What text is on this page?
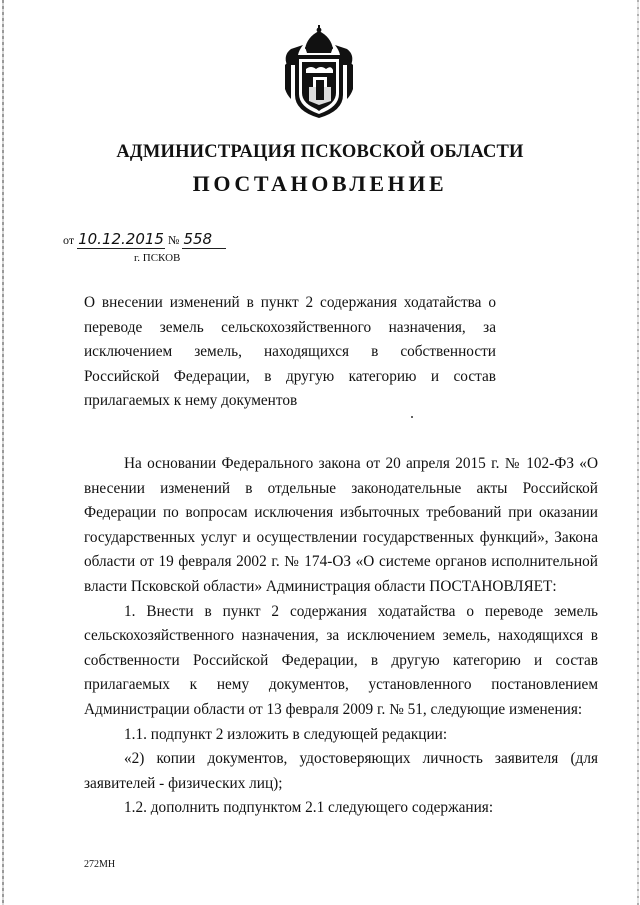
АДМИНИСТРАЦИЯ ПСКОВСКОЙ ОБЛАСТИ
ПОСТАНОВЛЕНИЕ
от 10.12.2015 № 558
г. ПСКОВ
О внесении изменений в пункт 2 содержания ходатайства о переводе земель сельскохозяйственного назначения, за исключением земель, находящихся в собственности Российской Федерации, в другую категорию и состав прилагаемых к нему документов

На основании Федерального закона от 20 апреля 2015 г. № 102-ФЗ «О внесении изменений в отдельные законодательные акты Российской Федерации по вопросам исключения избыточных требований при оказании государственных услуг и осуществлении государственных функций», Закона области от 19 февраля 2002 г. № 174-ОЗ «О системе органов исполнительной власти Псковской области» Администрация области ПОСТАНОВЛЯЕТ:

1. Внести в пункт 2 содержания ходатайства о переводе земель сельскохозяйственного назначения, за исключением земель, находящихся в собственности Российской Федерации, в другую категорию и состав прилагаемых к нему документов, установленного постановлением Администрации области от 13 февраля 2009 г. № 51, следующие изменения:

1.1. подпункт 2 изложить в следующей редакции:

«2) копии документов, удостоверяющих личность заявителя (для заявителей - физических лиц);

1.2. дополнить подпунктом 2.1 следующего содержания:

272МН
